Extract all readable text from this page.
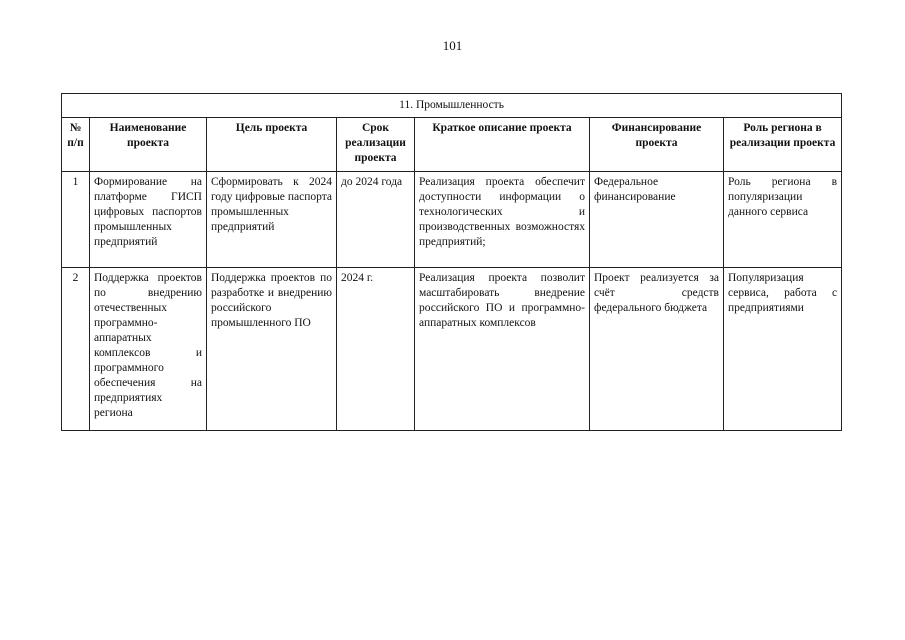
101
11. Промышленность						
№ п/п	Наименование проекта	Цель проекта	Срок реализации проекта	Краткое описание проекта	Финансирование проекта	Роль региона в реализации проекта
1	Формирование на платформе ГИСП цифровых паспортов промышленных предприятий	Сформировать к 2024 году цифровые паспорта промышленных предприятий	до 2024 года	Реализация проекта обеспечит доступности информации о технологических и производственных возможностях предприятий;	Федеральное финансирование	Роль региона в популяризации данного сервиса
2	Поддержка проектов по внедрению отечественных программно-аппаратных комплексов и программного обеспечения на предприятиях региона	Поддержка проектов по разработке и внедрению российского промышленного ПО	2024 г.	Реализация проекта позволит масштабировать внедрение российского ПО и программно-аппаратных комплексов	Проект реализуется за счёт средств федерального бюджета	Популяризация сервиса, работа с предприятиями
